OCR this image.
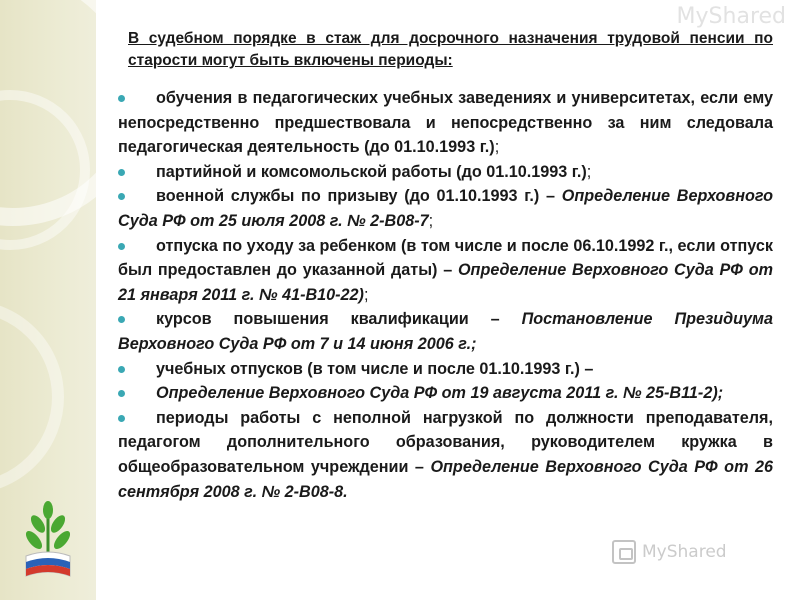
MyShared
В судебном порядке в стаж для досрочного назначения трудовой пенсии по старости могут быть включены периоды:
обучения в педагогических учебных заведениях и университетах, если ему непосредственно предшествовала и непосредственно за ним следовала педагогическая деятельность (до 01.10.1993 г.);
партийной и комсомольской работы (до 01.10.1993 г.);
военной службы по призыву (до 01.10.1993 г.) – Определение Верховного Суда РФ от 25 июля 2008 г. № 2-В08-7;
отпуска по уходу за ребенком (в том числе и после 06.10.1992 г., если отпуск был предоставлен до указанной даты) – Определение Верховного Суда РФ от 21 января 2011 г. № 41-В10-22);
курсов повышения квалификации – Постановление Президиума Верховного Суда РФ от 7 и 14 июня 2006 г.;
учебных отпусков (в том числе и после 01.10.1993 г.) –
Определение Верховного Суда РФ от 19 августа 2011 г. № 25-В11-2);
периоды работы с неполной нагрузкой по должности преподавателя, педагогом дополнительного образования, руководителем кружка в общеобразовательном учреждении – Определение Верховного Суда РФ от 26 сентября 2008 г. № 2-В08-8.
MyShared
